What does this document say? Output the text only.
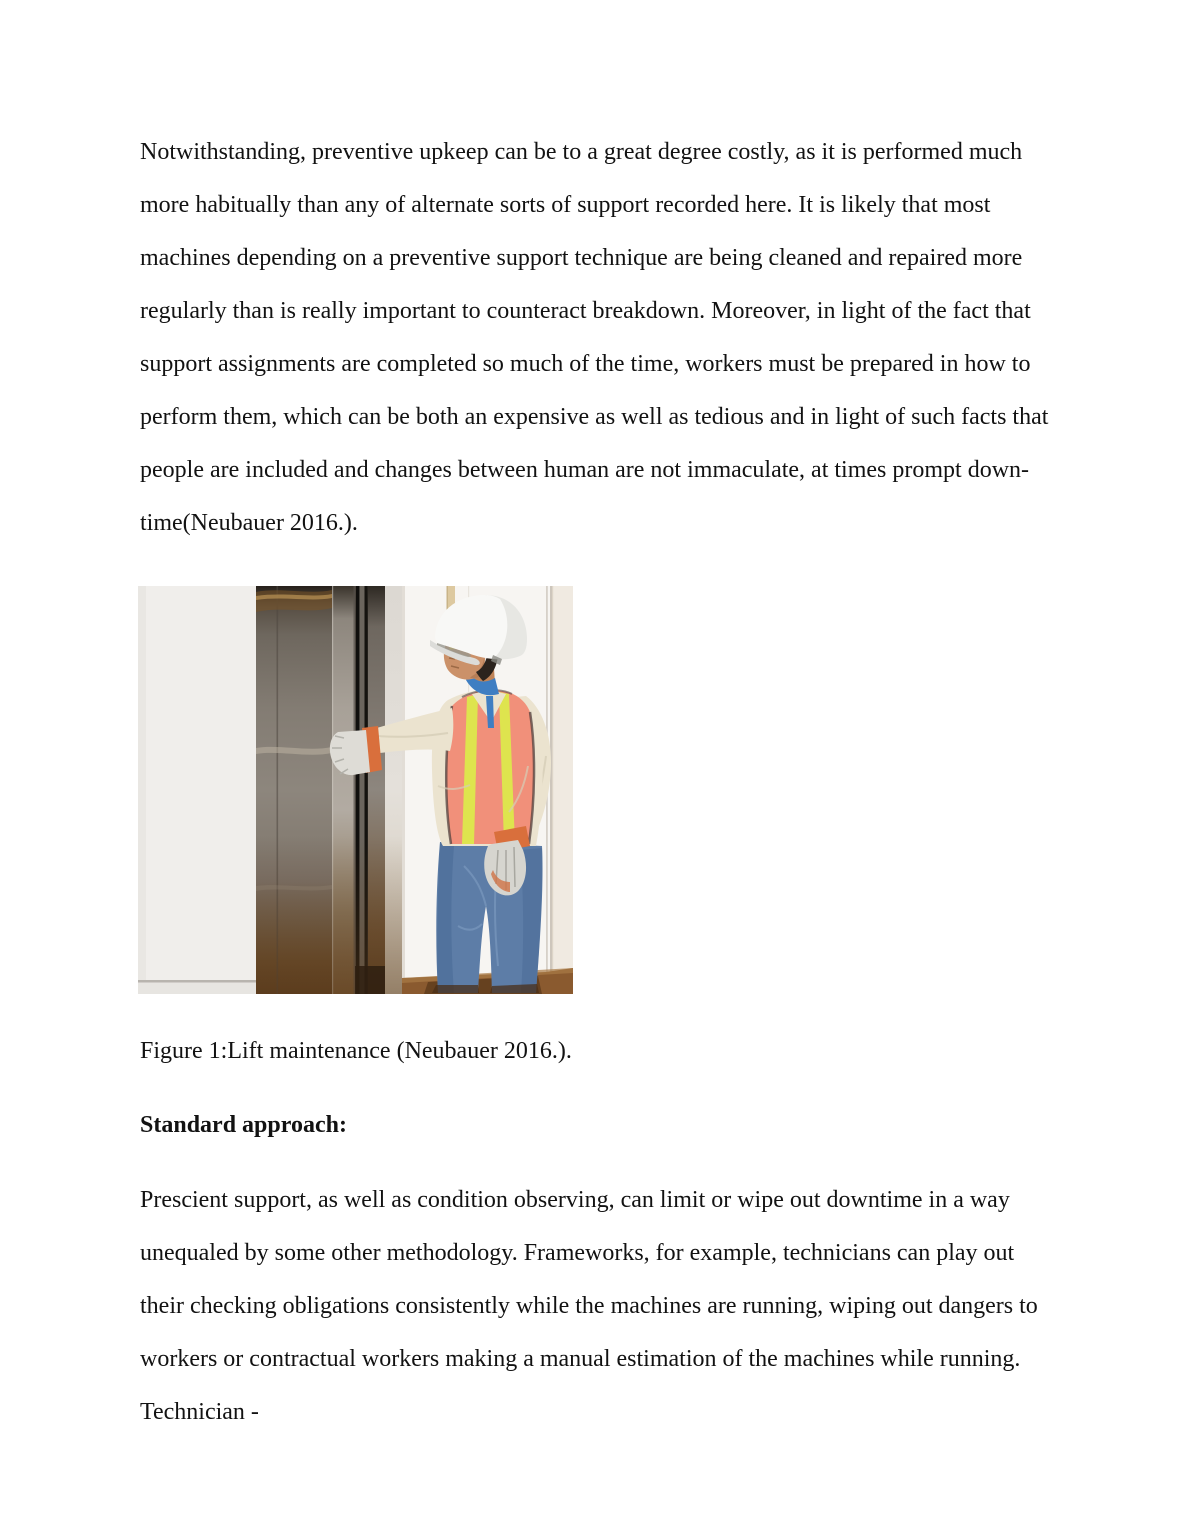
Notwithstanding, preventive upkeep can be to a great degree costly, as it is performed much more habitually than any of alternate sorts of support recorded here. It is likely that most machines depending on a preventive support technique are being cleaned and repaired more regularly than is really important to counteract breakdown. Moreover, in light of the fact that support assignments are completed so much of the time, workers must be prepared in how to perform them, which can be both an expensive as well as tedious and in light of such facts that people are included and changes between human are not immaculate, at times prompt down-time(Neubauer 2016.).

Figure 1:Lift maintenance (Neubauer 2016.).

Standard approach:

Prescient support, as well as condition observing, can limit or wipe out downtime in a way unequaled by some other methodology. Frameworks, for example, technicians can play out their checking obligations consistently while the machines are running, wiping out dangers to workers or contractual workers making a manual estimation of the machines while running. Technician -
